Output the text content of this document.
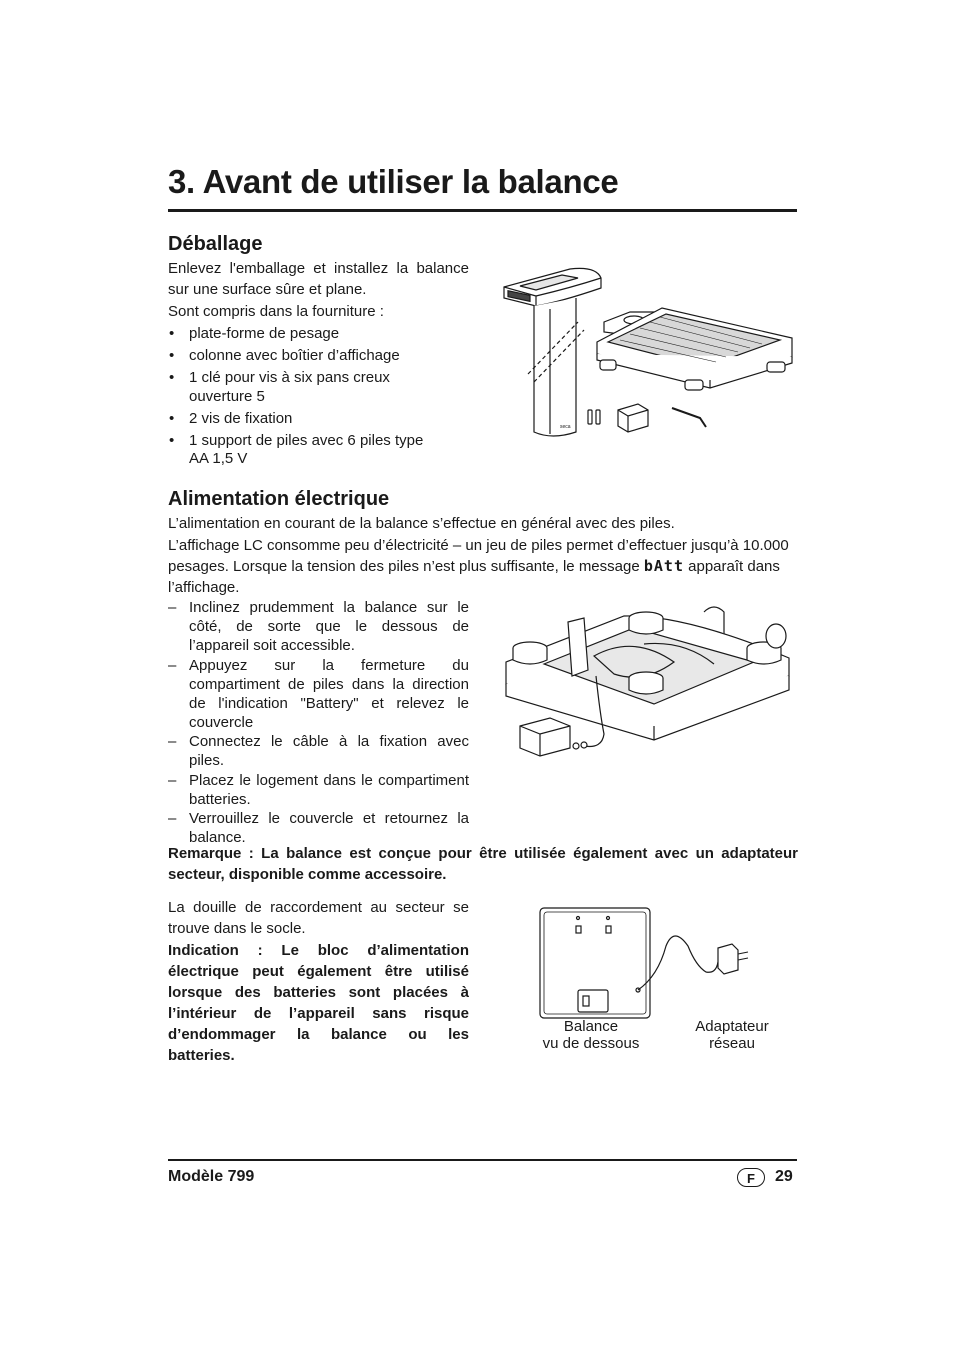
3. Avant de utiliser la balance
Déballage
Enlevez l'emballage et installez la balance sur une surface sûre et plane.
Sont compris dans la fourniture :
• plate-forme de pesage
• colonne avec boîtier d’affichage
• 1 clé pour vis à six pans creux ouverture 5
• 2 vis de fixation
• 1 support de piles avec 6 piles type AA 1,5 V
seca
Alimentation électrique
L’alimentation en courant de la balance s’effectue en général avec des piles.
L’affichage LC consomme peu d’électricité – un jeu de piles permet d’effectuer jusqu’à 10.000 pesages. Lorsque la tension des piles n’est plus suffisante, le message bAtt apparaît dans l’affichage.
– Inclinez prudemment la balance sur le côté, de sorte que le dessous de l’appareil soit accessible.
– Appuyez sur la fermeture du compartiment de piles dans la direction de l'indication "Battery" et relevez le couvercle
– Connectez le câble à la fixation avec piles.
– Placez le logement dans le compartiment batteries.
– Verrouillez le couvercle et retournez la balance.
Remarque : La balance est conçue pour être utilisée également avec un adaptateur secteur, disponible comme accessoire.
La douille de raccordement au secteur se trouve dans le socle.
Indication : Le bloc d’alimentation électrique peut également être utilisé lorsque des batteries sont placées à l’intérieur de l’appareil sans risque d’endommager la balance ou les batteries.
Balance
vu de dessous
Adaptateur
réseau
Modèle 799	F	29
